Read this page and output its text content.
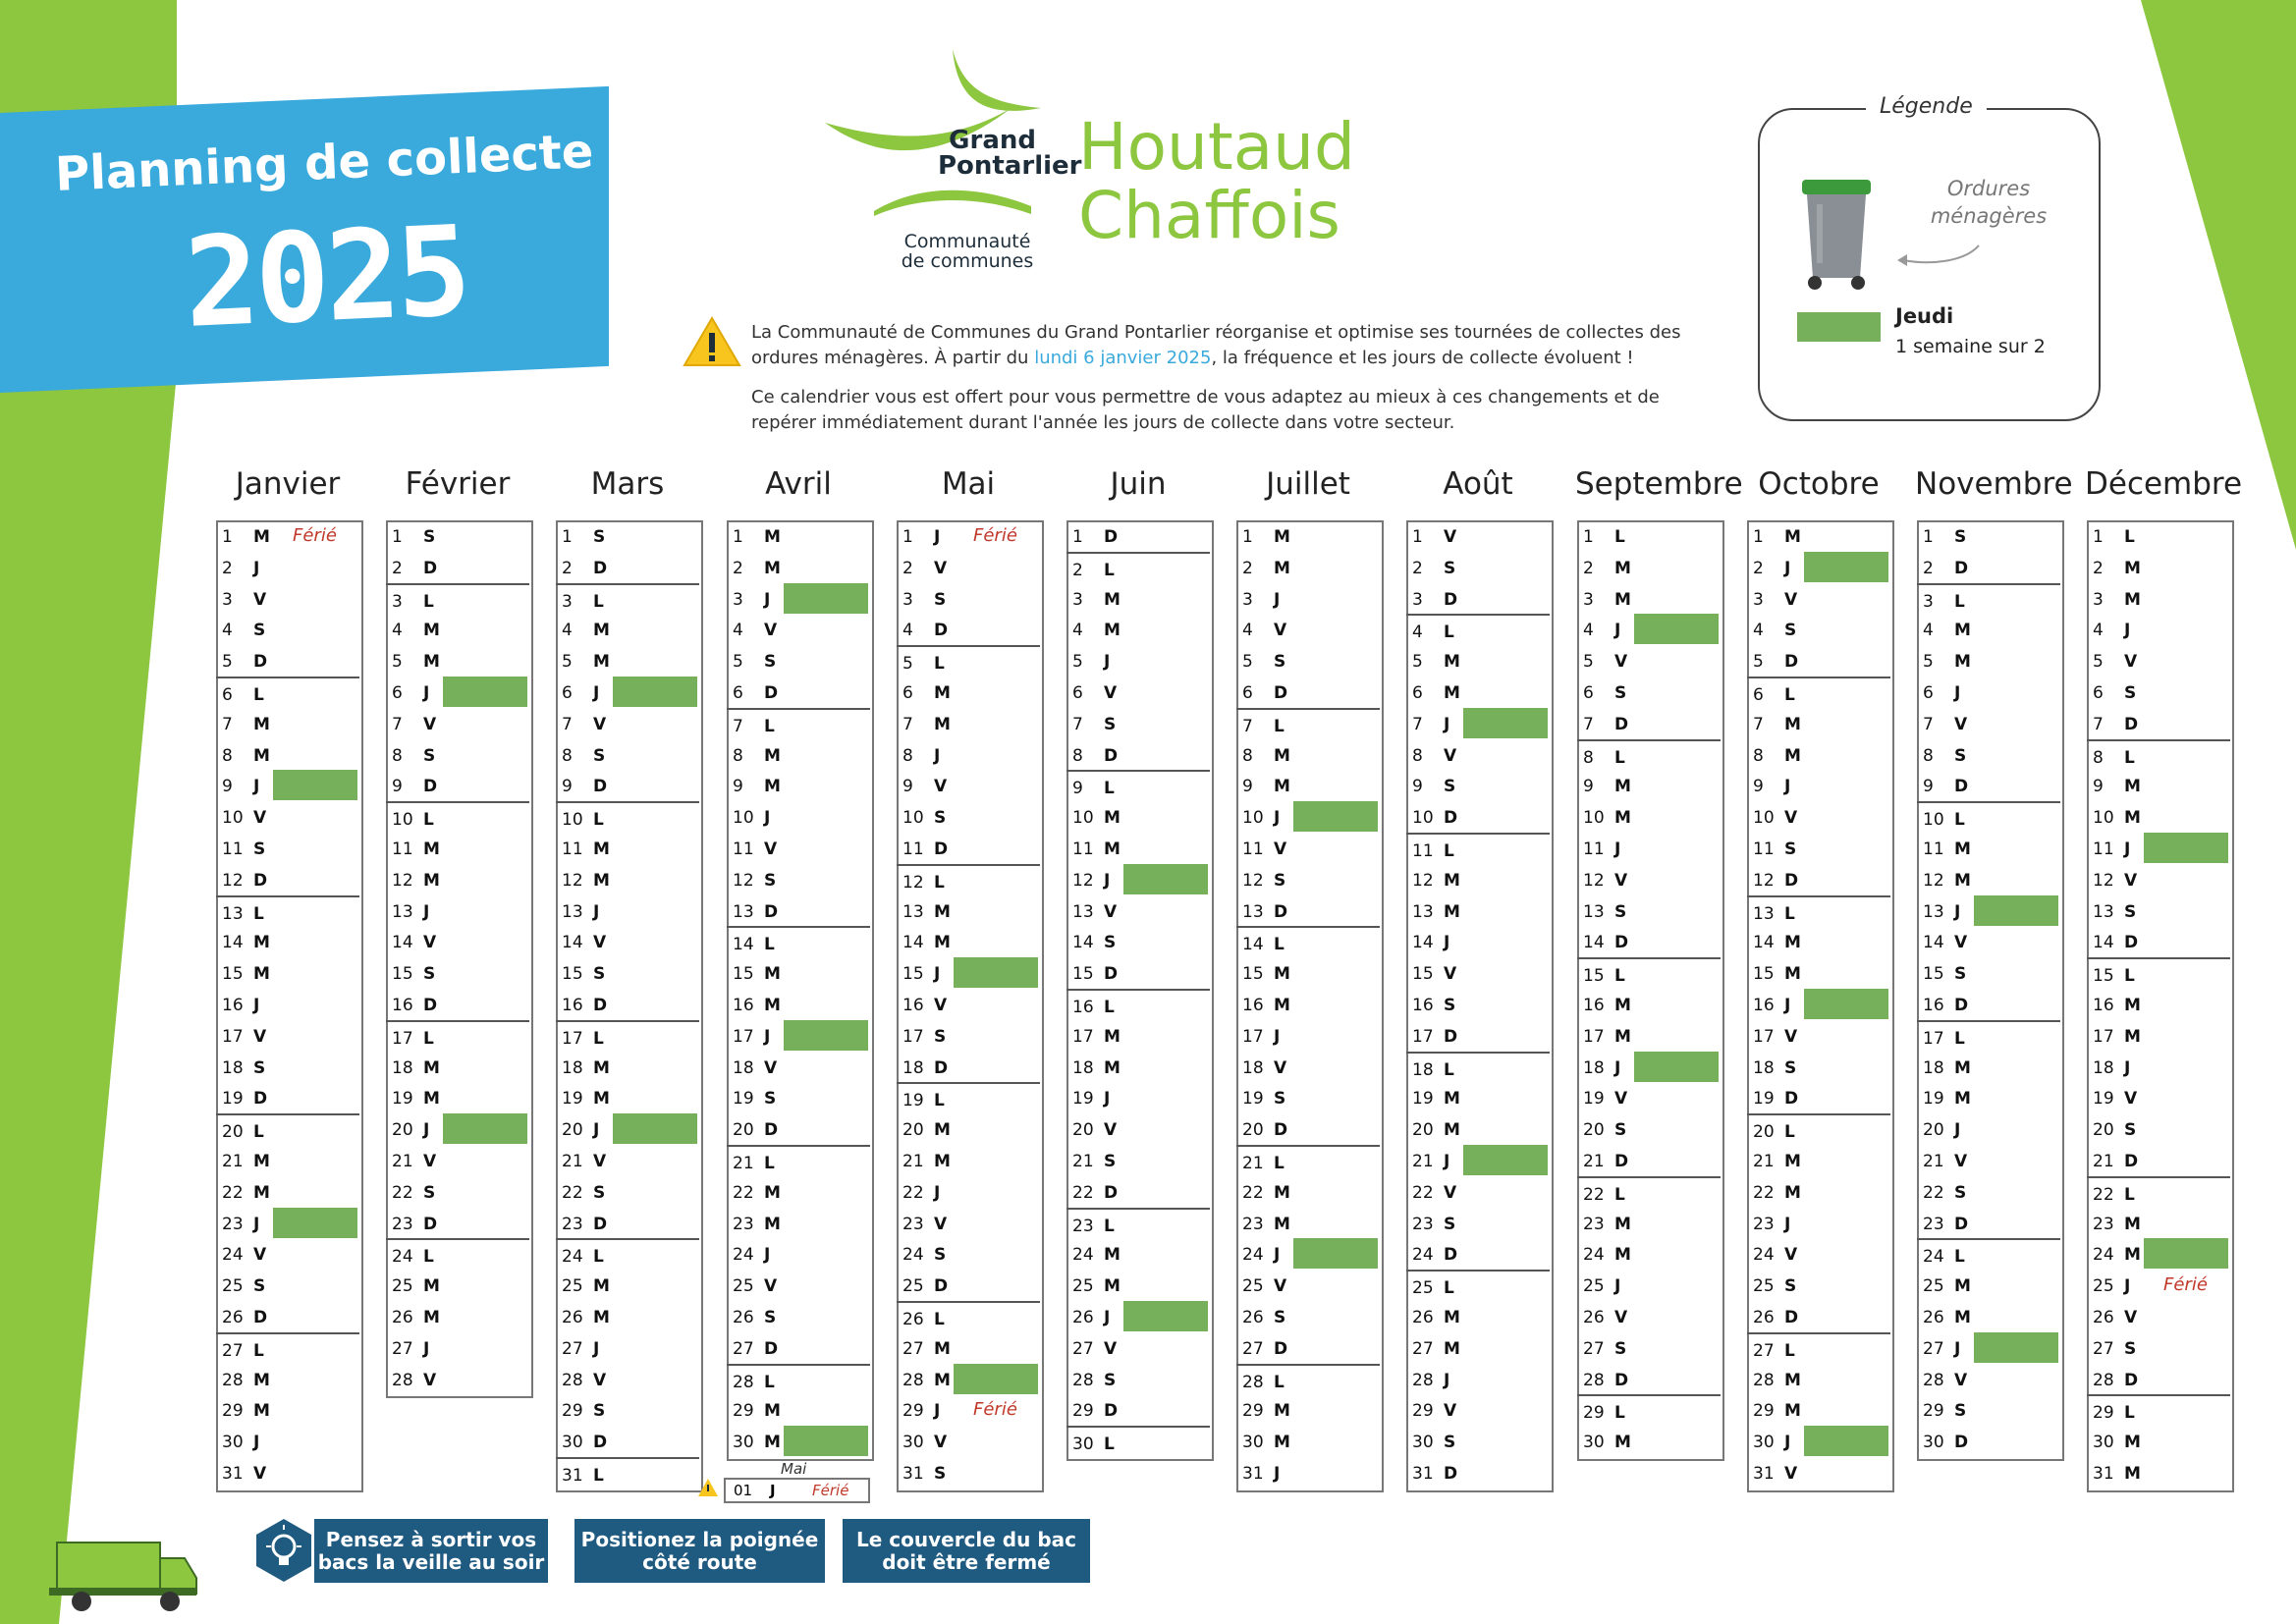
Planning de collecte
2025
Grand
Pontarlier
Communauté
de communes
Houtaud
Chaffois

La Communauté de Communes du Grand Pontarlier réorganise et optimise ses tournées de collectes des ordures ménagères. À partir du lundi 6 janvier 2025, la fréquence et les jours de collecte évoluent !

Ce calendrier vous est offert pour vous permettre de vous adaptez au mieux à ces changements et de repérer immédiatement durant l'année les jours de collecte dans votre secteur.

Légende
Ordures
ménagères
Jeudi
1 semaine sur 2
Janvier
1 M
2 J
3 V
4 S
5 D
6 L
7 M
8 M
9 J
10 V
11 S
12 D
13 L
14 M
15 M
16 J
17 V
18 S
19 D
20 L
21 M
22 M
23 J
24 V
25 S
26 D
27 L
28 M
29 M
30 J
31 V
Férié
Février
1 S
2 D
3 L
4 M
5 M
6 J
7 V
8 S
9 D
10 L
11 M
12 M
13 J
14 V
15 S
16 D
17 L
18 M
19 M
20 J
21 V
22 S
23 D
24 L
25 M
26 M
27 J
28 V
Mars
1 S
2 D
3 L
4 M
5 M
6 J
7 V
8 S
9 D
10 L
11 M
12 M
13 J
14 V
15 S
16 D
17 L
18 M
19 M
20 J
21 V
22 S
23 D
24 L
25 M
26 M
27 J
28 V
29 S
30 D
31 L
Avril
1 M
2 M
3 J
4 V
5 S
6 D
7 L
8 M
9 M
10 J
11 V
12 S
13 D
14 L
15 M
16 M
17 J
18 V
19 S
20 D
21 L
22 M
23 M
24 J
25 V
26 S
27 D
28 L
29 M
30 M
Mai
1 J
2 V
3 S
4 D
5 L
6 M
7 M
8 J
9 V
10 S
11 D
12 L
13 M
14 M
15 J
16 V
17 S
18 D
19 L
20 M
21 M
22 J
23 V
24 S
25 D
26 L
27 M
28 M
29 J
30 V
31 S
Férié
Férié
Juin
1 D
2 L
3 M
4 M
5 J
6 V
7 S
8 D
9 L
10 M
11 M
12 J
13 V
14 S
15 D
16 L
17 M
18 M
19 J
20 V
21 S
22 D
23 L
24 M
25 M
26 J
27 V
28 S
29 D
30 L
Juillet
1 M
2 M
3 J
4 V
5 S
6 D
7 L
8 M
9 M
10 J
11 V
12 S
13 D
14 L
15 M
16 M
17 J
18 V
19 S
20 D
21 L
22 M
23 M
24 J
25 V
26 S
27 D
28 L
29 M
30 M
31 J
Août
1 V
2 S
3 D
4 L
5 M
6 M
7 J
8 V
9 S
10 D
11 L
12 M
13 M
14 J
15 V
16 S
17 D
18 L
19 M
20 M
21 J
22 V
23 S
24 D
25 L
26 M
27 M
28 J
29 V
30 S
31 D
Septembre
1 L
2 M
3 M
4 J
5 V
6 S
7 D
8 L
9 M
10 M
11 J
12 V
13 S
14 D
15 L
16 M
17 M
18 J
19 V
20 S
21 D
22 L
23 M
24 M
25 J
26 V
27 S
28 D
29 L
30 M
Octobre
1 M
2 J
3 V
4 S
5 D
6 L
7 M
8 M
9 J
10 V
11 S
12 D
13 L
14 M
15 M
16 J
17 V
18 S
19 D
20 L
21 M
22 M
23 J
24 V
25 S
26 D
27 L
28 M
29 M
30 J
31 V
Novembre
1 S
2 D
3 L
4 M
5 M
6 J
7 V
8 S
9 D
10 L
11 M
12 M
13 J
14 V
15 S
16 D
17 L
18 M
19 M
20 J
21 V
22 S
23 D
24 L
25 M
26 M
27 J
28 V
29 S
30 D
Décembre
1 L
2 M
3 M
4 J
5 V
6 S
7 D
8 L
9 M
10 M
11 J
12 V
13 S
14 D
15 L
16 M
17 M
18 J
19 V
20 S
21 D
22 L
23 M
24 M
25 J
26 V
27 S
28 D
29 L
30 M
31 M
Férié
Mai
01 J Férié
Pensez à sortir vos bacs la veille au soir
Positionez la poignée côté route
Le couvercle du bac doit être fermé
